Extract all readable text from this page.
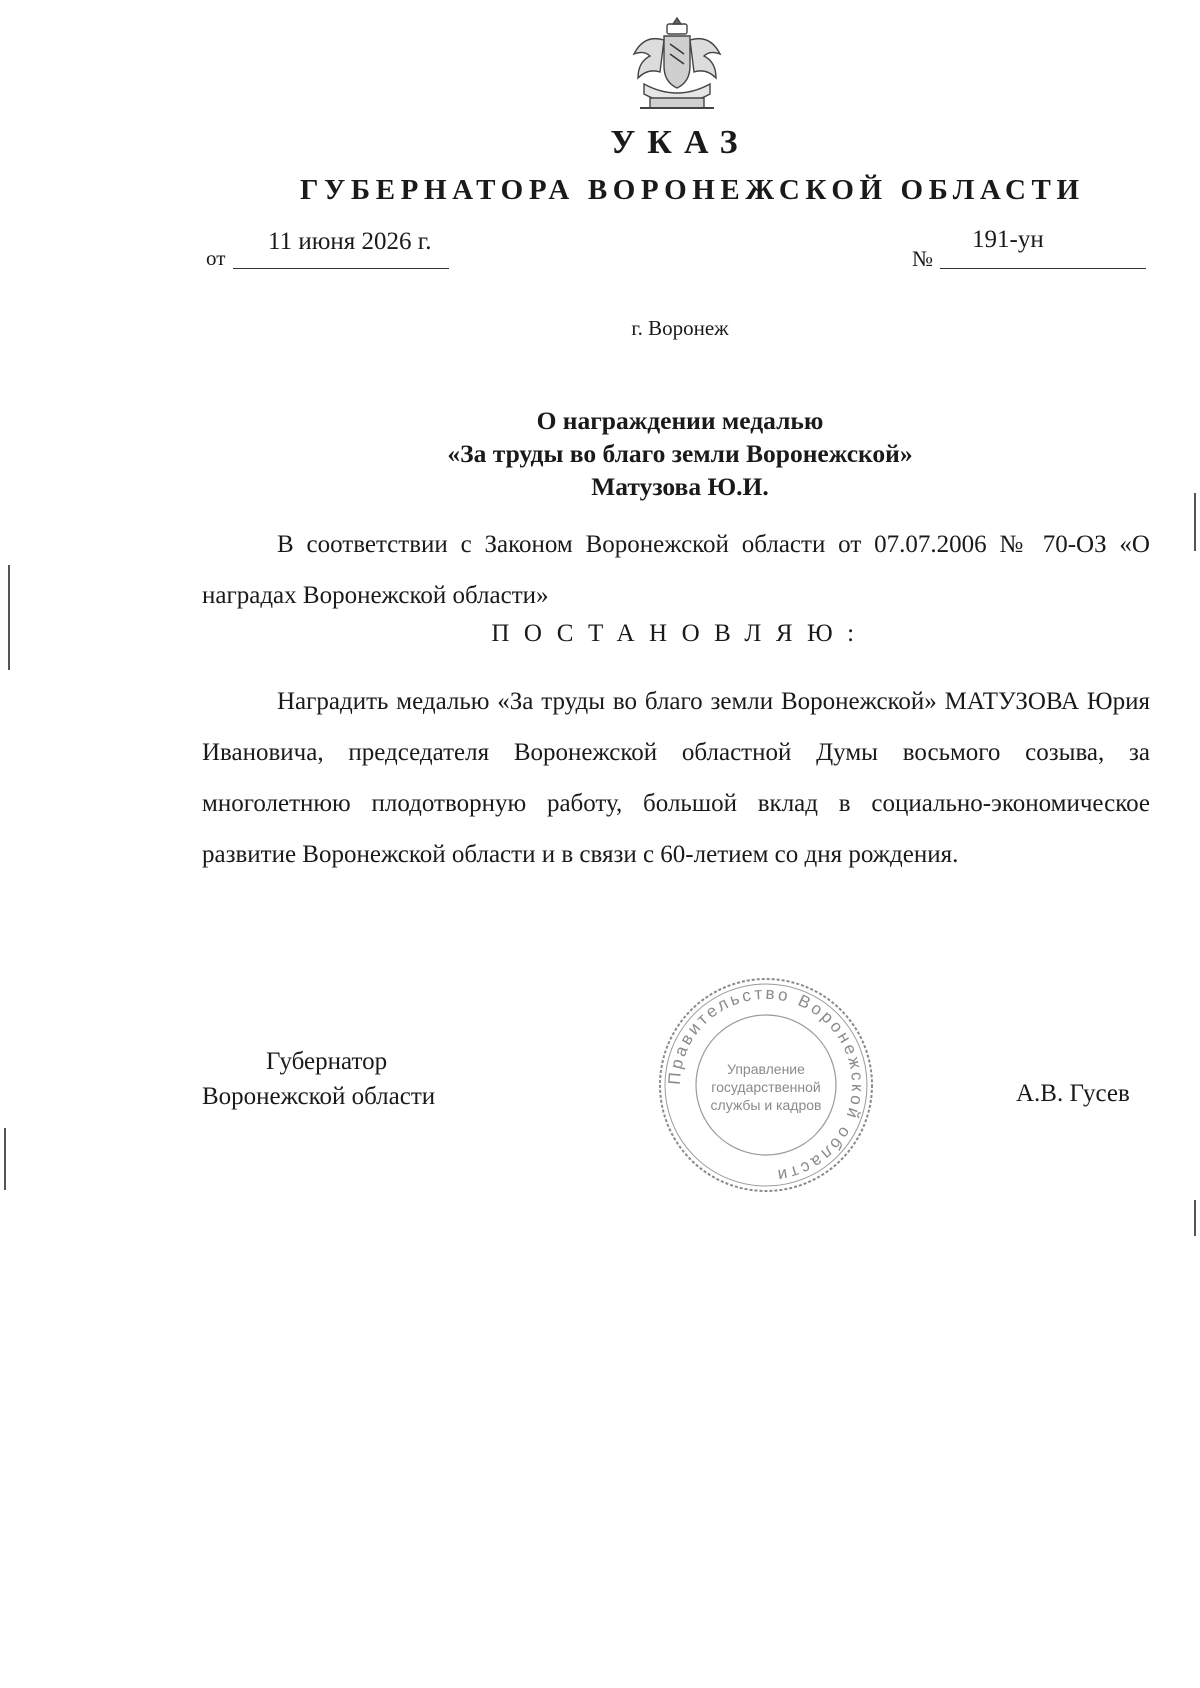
УКАЗ
ГУБЕРНАТОРА ВОРОНЕЖСКОЙ ОБЛАСТИ
от
11 июня 2026 г.
№
191-ун
г. Воронеж
О награждении медалью
«За труды во благо земли Воронежской»
Матузова Ю.И.
В соответствии с Законом Воронежской области от 07.07.2006 № 70-ОЗ «О наградах Воронежской области»
ПОСТАНОВЛЯЮ:
Наградить медалью «За труды во благо земли Воронежской» МАТУЗОВА Юрия Ивановича, председателя Воронежской областной Думы восьмого созыва, за многолетнюю плодотворную работу, большой вклад в социально-экономическое развитие Воронежской области и в связи с 60-летием со дня рождения.
Губернатор
Воронежской области	А.В. Гусев
Правительство Воронежской области
Управление
государственной
службы и кадров
